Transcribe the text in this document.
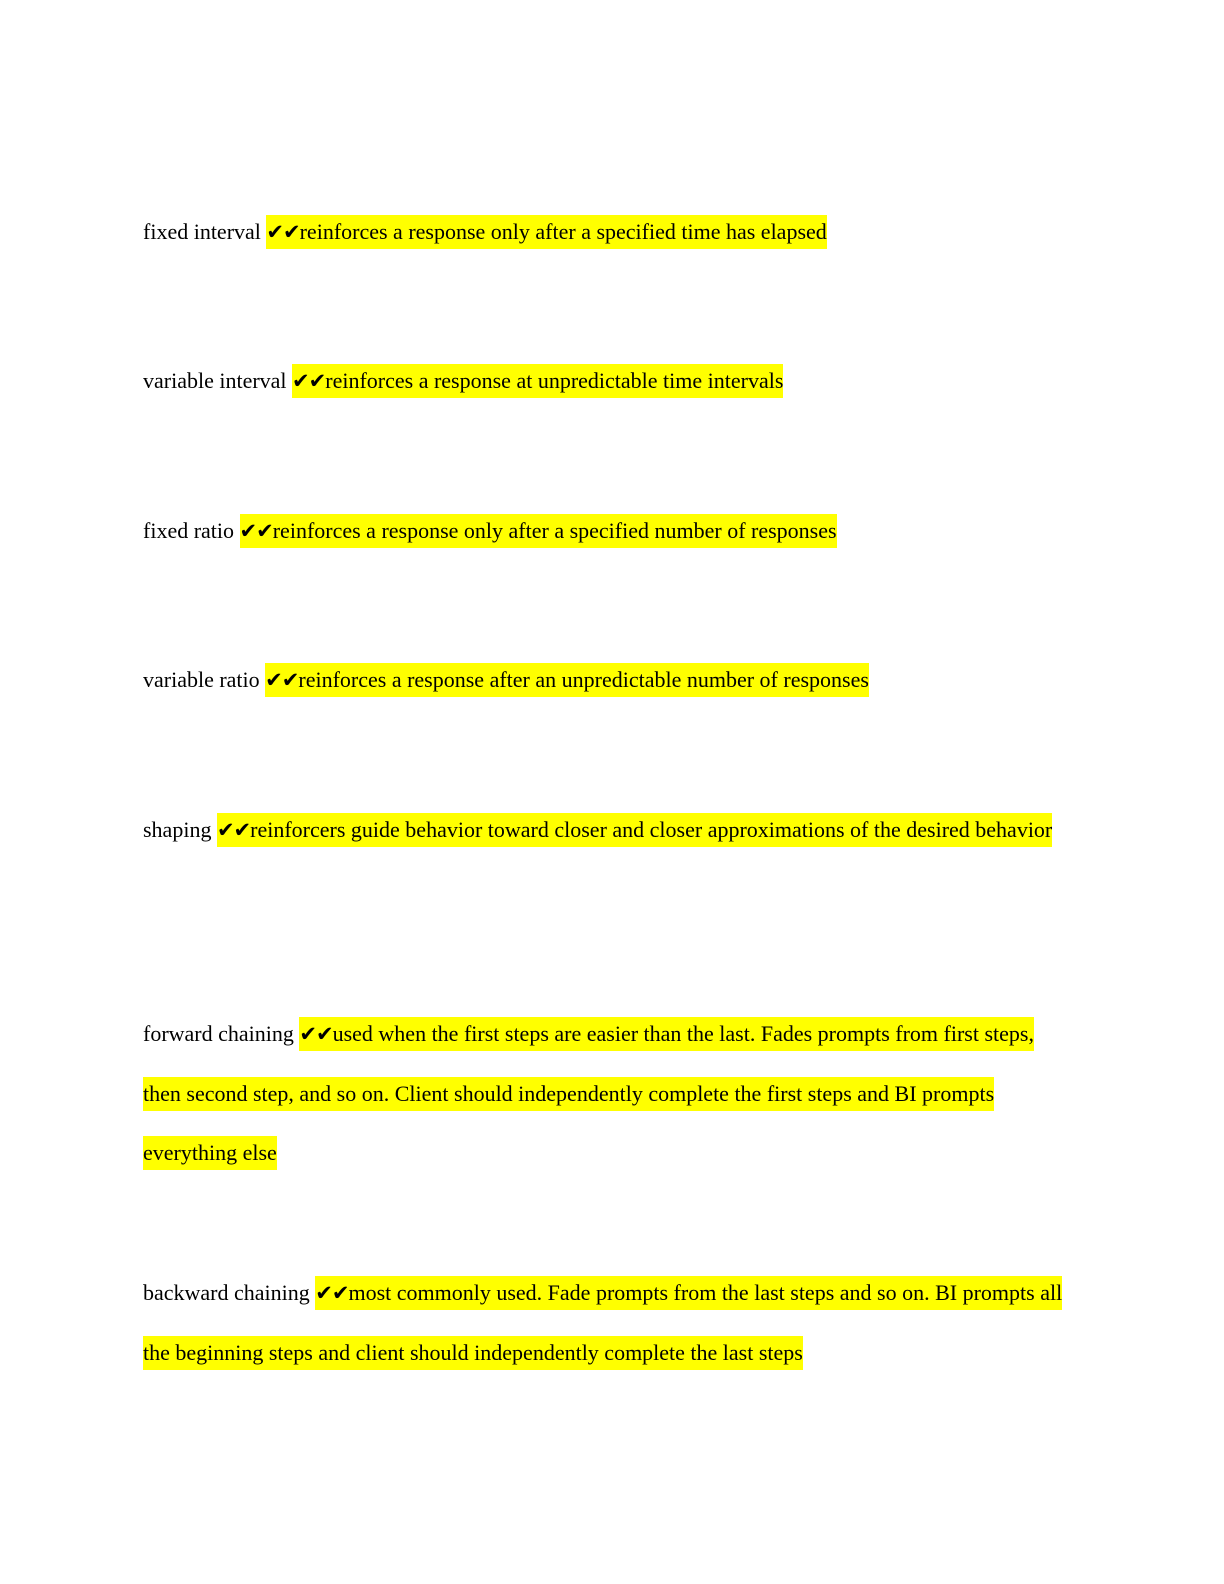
fixed interval ✔✔reinforces a response only after a specified time has elapsed

variable interval ✔✔reinforces a response at unpredictable time intervals

fixed ratio ✔✔reinforces a response only after a specified number of responses

variable ratio ✔✔reinforces a response after an unpredictable number of responses

shaping ✔✔reinforcers guide behavior toward closer and closer approximations of the desired behavior

forward chaining ✔✔used when the first steps are easier than the last. Fades prompts from first steps, then second step, and so on. Client should independently complete the first steps and BI prompts everything else

backward chaining ✔✔most commonly used. Fade prompts from the last steps and so on. BI prompts all the beginning steps and client should independently complete the last steps
